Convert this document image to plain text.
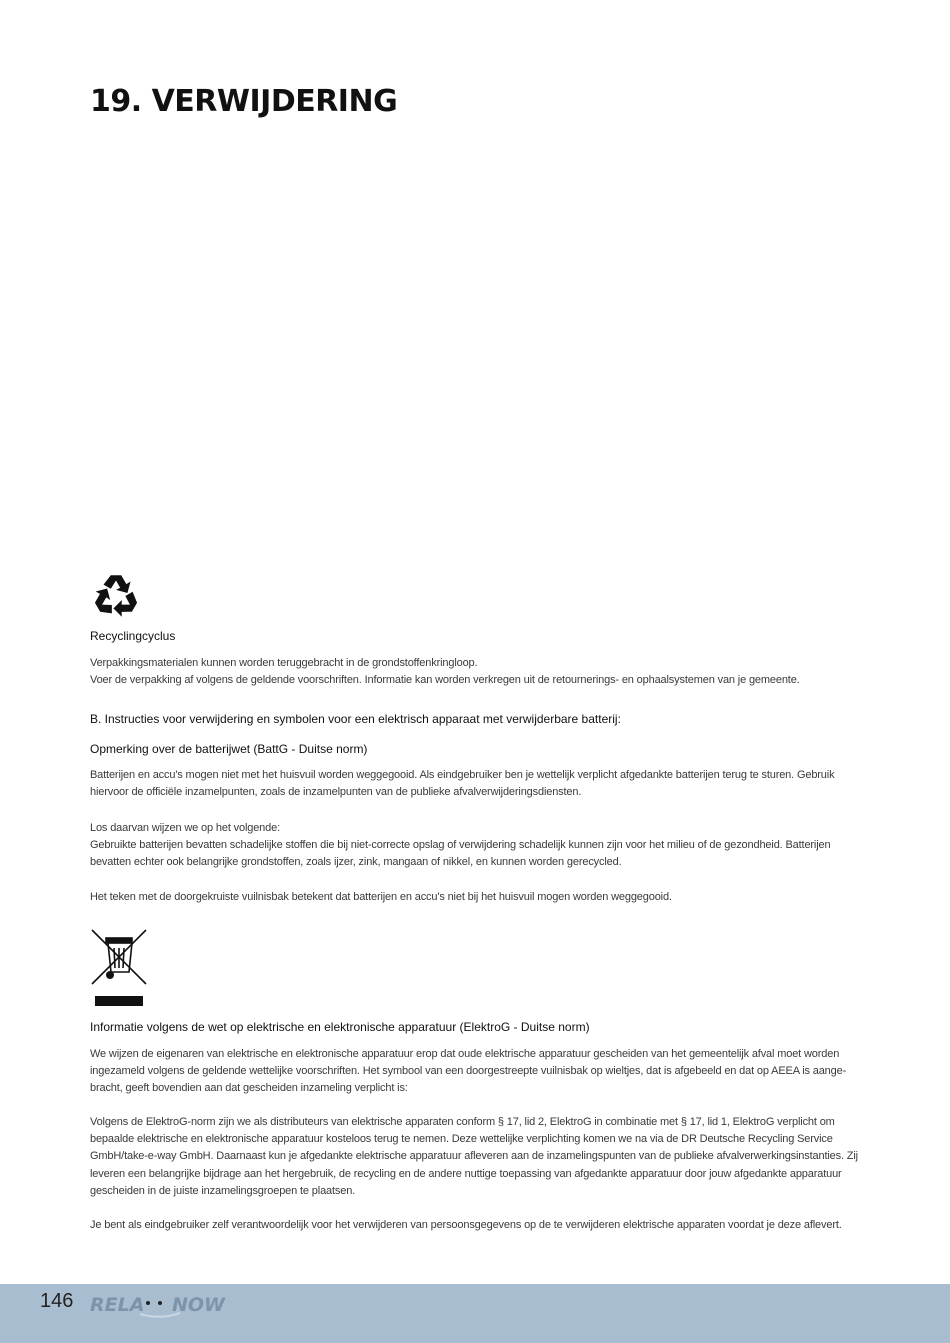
19. VERWIJDERING

Recyclingcyclus

Verpakkingsmaterialen kunnen worden teruggebracht in de grondstoffenkringloop.

Voer de verpakking af volgens de geldende voorschriften. Informatie kan worden verkregen uit de retournerings- en ophaalsystemen van je gemeente.

B. Instructies voor verwijdering en symbolen voor een elektrisch apparaat met verwijderbare batterij:

Opmerking over de batterijwet (BattG - Duitse norm)

Batterijen en accu's mogen niet met het huisvuil worden weggegooid. Als eindgebruiker ben je wettelijk verplicht afgedankte batterijen terug te sturen. Gebruik

hiervoor de officiële inzamelpunten, zoals de inzamelpunten van de publieke afvalverwijderingsdiensten.

Los daarvan wijzen we op het volgende:

Gebruikte batterijen bevatten schadelijke stoffen die bij niet-correcte opslag of verwijdering schadelijk kunnen zijn voor het milieu of de gezondheid. Batterijen

bevatten echter ook belangrijke grondstoffen, zoals ijzer, zink, mangaan of nikkel, en kunnen worden gerecycled.

Het teken met de doorgekruiste vuilnisbak betekent dat batterijen en accu's niet bij het huisvuil mogen worden weggegooid.

Informatie volgens de wet op elektrische en elektronische apparatuur (ElektroG - Duitse norm)

We wijzen de eigenaren van elektrische en elektronische apparatuur erop dat oude elektrische apparatuur gescheiden van het gemeentelijk afval moet worden

ingezameld volgens de geldende wettelijke voorschriften. Het symbool van een doorgestreepte vuilnisbak op wieltjes, dat is afgebeeld en dat op AEEA is aange-

bracht, geeft bovendien aan dat gescheiden inzameling verplicht is:

Volgens de ElektroG-norm zijn we als distributeurs van elektrische apparaten conform § 17, lid 2, ElektroG in combinatie met § 17, lid 1, ElektroG verplicht om

bepaalde elektrische en elektronische apparatuur kosteloos terug te nemen. Deze wettelijke verplichting komen we na via de DR Deutsche Recycling Service

GmbH/take-e-way GmbH. Daarnaast kun je afgedankte elektrische apparatuur afleveren aan de inzamelingspunten van de publieke afvalverwerkingsinstanties. Zij

leveren een belangrijke bijdrage aan het hergebruik, de recycling en de andere nuttige toepassing van afgedankte apparatuur door jouw afgedankte apparatuur

gescheiden in de juiste inzamelingsgroepen te plaatsen.

Je bent als eindgebruiker zelf verantwoordelijk voor het verwijderen van persoonsgegevens op de te verwijderen elektrische apparaten voordat je deze aflevert.

146 RELA NOW
